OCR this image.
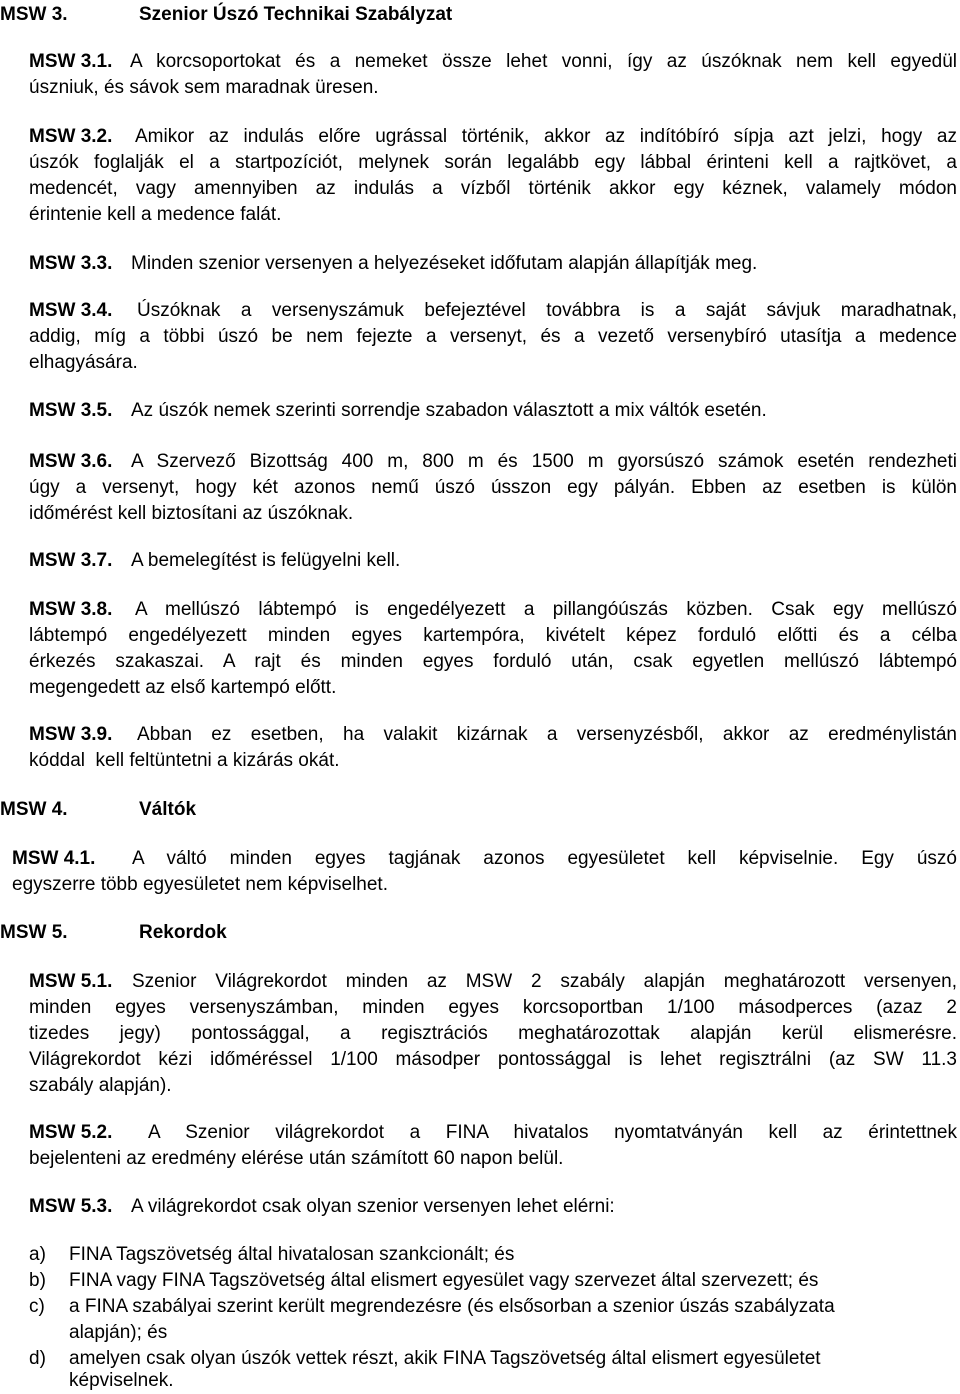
MSW 3.	Szenior Úszó Technikai Szabályzat
MSW 3.1. A korcsoportokat és a nemeket össze lehet vonni, így az úszóknak nem kell egyedül
úszniuk, és sávok sem maradnak üresen.
MSW 3.2. Amikor az indulás előre ugrással történik, akkor az indítóbíró sípja azt jelzi, hogy az
úszók foglalják el a startpozíciót, melynek során legalább egy lábbal érinteni kell a rajtkövet, a
medencét, vagy amennyiben az indulás a vízből történik akkor egy kéznek, valamely módon
érintenie kell a medence falát.
MSW 3.3. Minden szenior versenyen a helyezéseket időfutam alapján állapítják meg.
MSW 3.4. Úszóknak a versenyszámuk befejeztével továbbra is a saját sávjuk maradhatnak,
addig, míg a többi úszó be nem fejezte a versenyt, és a vezető versenybíró utasítja a medence
elhagyására.
MSW 3.5. Az úszók nemek szerinti sorrendje szabadon választott a mix váltók esetén.
MSW 3.6. A Szervező Bizottság 400 m, 800 m és 1500 m gyorsúszó számok esetén rendezheti
úgy a versenyt, hogy két azonos nemű úszó ússzon egy pályán. Ebben az esetben is külön
időmérést kell biztosítani az úszóknak.
MSW 3.7. A bemelegítést is felügyelni kell.
MSW 3.8. A mellúszó lábtempó is engedélyezett a pillangóúszás közben. Csak egy mellúszó
lábtempó engedélyezett minden egyes kartempóra, kivételt képez forduló előtti és a célba
érkezés szakaszai. A rajt és minden egyes forduló után, csak egyetlen mellúszó lábtempó
megengedett az első kartempó előtt.
MSW 3.9. Abban ez esetben, ha valakit kizárnak a versenyzésből, akkor az eredménylistán
kóddal  kell feltüntetni a kizárás okát.
MSW 4.	Váltók
MSW 4.1. A váltó minden egyes tagjának azonos egyesületet kell képviselnie. Egy úszó
egyszerre több egyesületet nem képviselhet.
MSW 5.	Rekordok
MSW 5.1. Szenior Világrekordot minden az MSW 2 szabály alapján meghatározott versenyen,
minden egyes versenyszámban, minden egyes korcsoportban 1/100 másodperces (azaz 2
tizedes jegy) pontossággal, a regisztrációs meghatározottak alapján kerül elismerésre.
Világrekordot kézi időméréssel 1/100 másodper pontossággal is lehet regisztrálni (az SW 11.3
szabály alapján).
MSW 5.2. A Szenior világrekordot a FINA hivatalos nyomtatványán kell az érintettnek
bejelenteni az eredmény elérése után számított 60 napon belül.
MSW 5.3. A világrekordot csak olyan szenior versenyen lehet elérni:
a) FINA Tagszövetség által hivatalosan szankcionált; és
b) FINA vagy FINA Tagszövetség által elismert egyesület vagy szervezet által szervezett; és
c) a FINA szabályai szerint került megrendezésre (és elsősorban a szenior úszás szabályzata
alapján); és
d) amelyen csak olyan úszók vettek részt, akik FINA Tagszövetség által elismert egyesületet
képviselnek.
